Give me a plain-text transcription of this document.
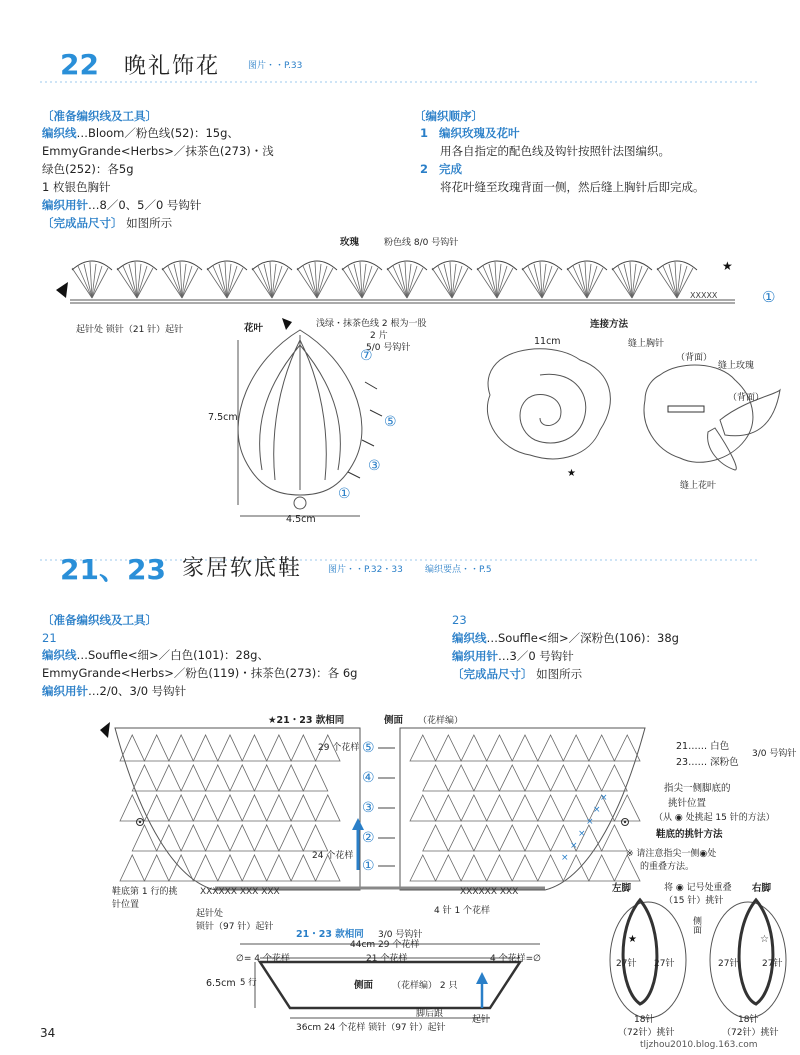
XXXXX
★
★
XXXXXX XXX XXX	XXXXXX XXX
×
×
×
×
×
×
★	☆
22 晚礼饰花	图片・・P.33
〔准备编织线及工具〕
编织线…Bloom／粉色线(52)：15g、
EmmyGrande<Herbs>／抹茶色(273)・浅
绿色(252)：各5g
1 枚银色胸针
编织用针…8／0、5／0 号钩针
〔完成品尺寸〕 如图所示
〔编织顺序〕
1 编织玫瑰及花叶
用各自指定的配色线及钩针按照针法图编织。
2 完成
将花叶缝至玫瑰背面一侧，然后缝上胸针后即完成。
玫瑰	粉色线 8/0 号钩针
起针处 锁针（21 针）起针
①
花叶	浅绿・抹茶色线 2 根为一股
2 片
5/0 号钩针
7.5cm
4.5cm
⑦
⑤
③
①
连接方法
11cm	缝上胸针
（背面）
缝上玫瑰
（背面）
缝上花叶
21、23 家居软底鞋	图片・・P.32・33 编织要点・・P.5
〔准备编织线及工具〕
21
编织线…Souffle<细>／白色(101)：28g、
EmmyGrande<Herbs>／粉色(119)・抹茶色(273)：各 6g
编织用针…2/0、3/0 号钩针
23
编织线…Souffle<细>／深粉色(106)：38g
编织用针…3／0 号钩针
〔完成品尺寸〕 如图所示
★21・23 款相同	侧面 （花样编）
29 个花样
24 个花样
⑤
④
③
②
①
21…… 白色
23…… 深粉色
3/0 号钩针
指尖一侧脚底的
挑针位置
（从 ◉ 处挑起 15 针的方法）
鞋底的挑针方法
鞋底第 1 行的挑
针位置
起针处
锁针（97 针）起针
4 针 1 个花样
21・23 款相同 3/0 号钩针
44cm 29 个花样
21 个花样
∅= 4 个花样	4 个花样=∅
6.5cm 5 行	侧面 （花样编） 2 只
脚后跟
起针
36cm 24 个花样 锁针（97 针）起针
※ 请注意指尖一侧◉处
的重叠方法。
左脚	右脚
将 ◉ 记号处重叠
（15 针）挑针
侧面
27针 27针	27针	27针
18针
（72针）挑针
18针
（72针）挑针
34
tljzhou2010.blog.163.com
